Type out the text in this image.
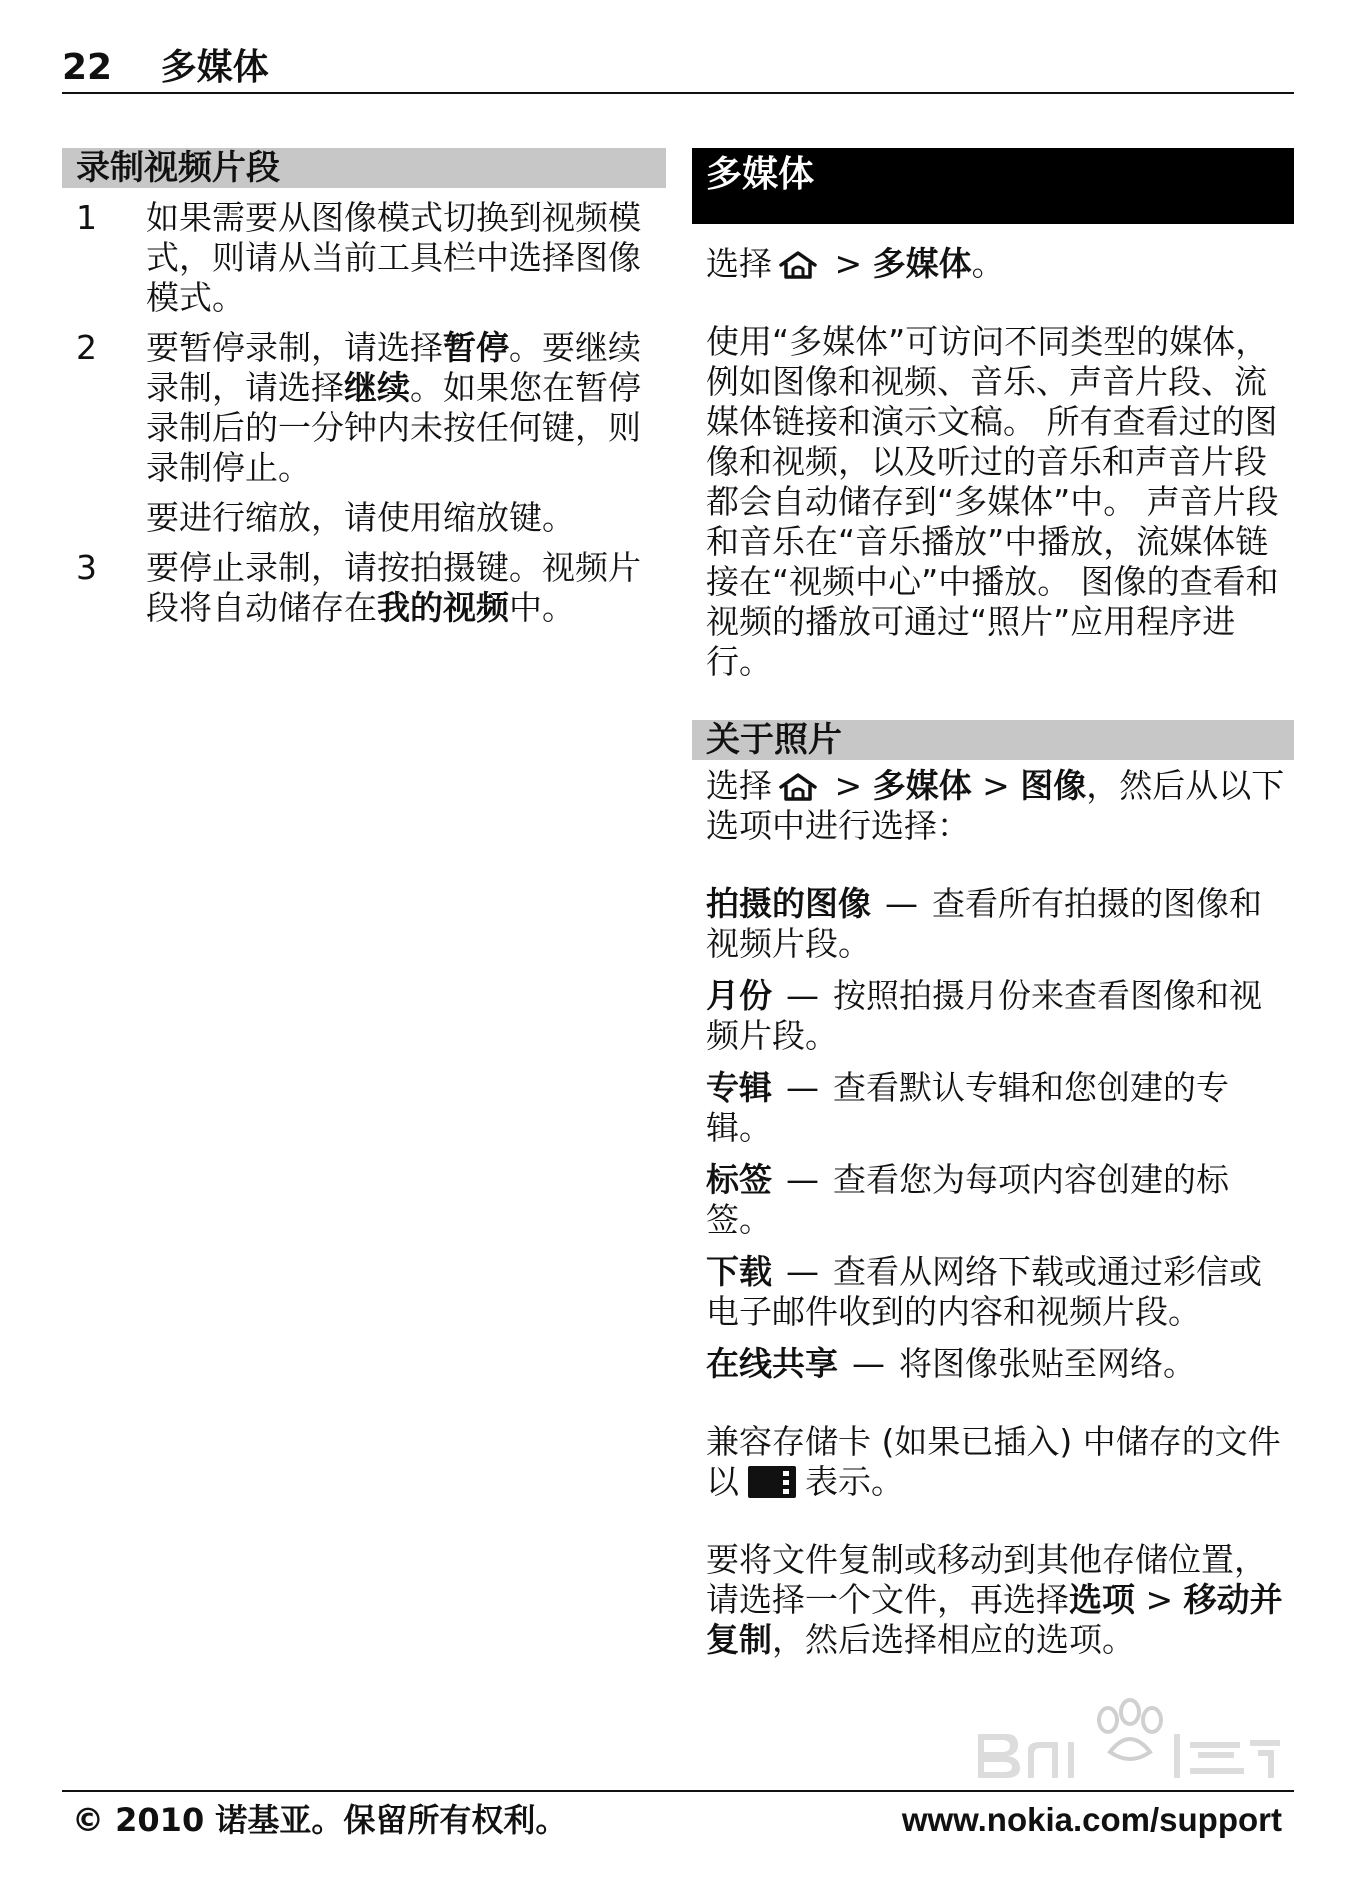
22 多媒体
录制视频片段
1	如果需要从图像模式切换到视频模式，则请从当前工具栏中选择图像模式。

2	要暂停录制，请选择暂停。要继续录制，请选择继续。如果您在暂停录制后的一分钟内未按任何键，则录制停止。

要进行缩放，请使用缩放键。

3	要停止录制，请按拍摄键。视频片段将自动储存在我的视频中。

多媒体

选择 > 多媒体。

使用“多媒体”可访问不同类型的媒体，例如图像和视频、音乐、声音片段、流媒体链接和演示文稿。 所有查看过的图像和视频，以及听过的音乐和声音片段都会自动储存到“多媒体”中。 声音片段和音乐在“音乐播放”中播放，流媒体链接在“视频中心”中播放。 图像的查看和视频的播放可通过“照片”应用程序进行。

关于照片

选择 > 多媒体 > 图像，然后从以下选项中进行选择：

拍摄的图像 — 查看所有拍摄的图像和视频片段。

月份 — 按照拍摄月份来查看图像和视频片段。

专辑 — 查看默认专辑和您创建的专辑。

标签 — 查看您为每项内容创建的标签。

下载 — 查看从网络下载或通过彩信或电子邮件收到的内容和视频片段。

在线共享 — 将图像张贴至网络。

兼容存储卡 (如果已插入) 中储存的文件以 表示。

要将文件复制或移动到其他存储位置，请选择一个文件，再选择选项 > 移动并复制，然后选择相应的选项。

© 2010 诺基亚。保留所有权利。	www.nokia.com/support
